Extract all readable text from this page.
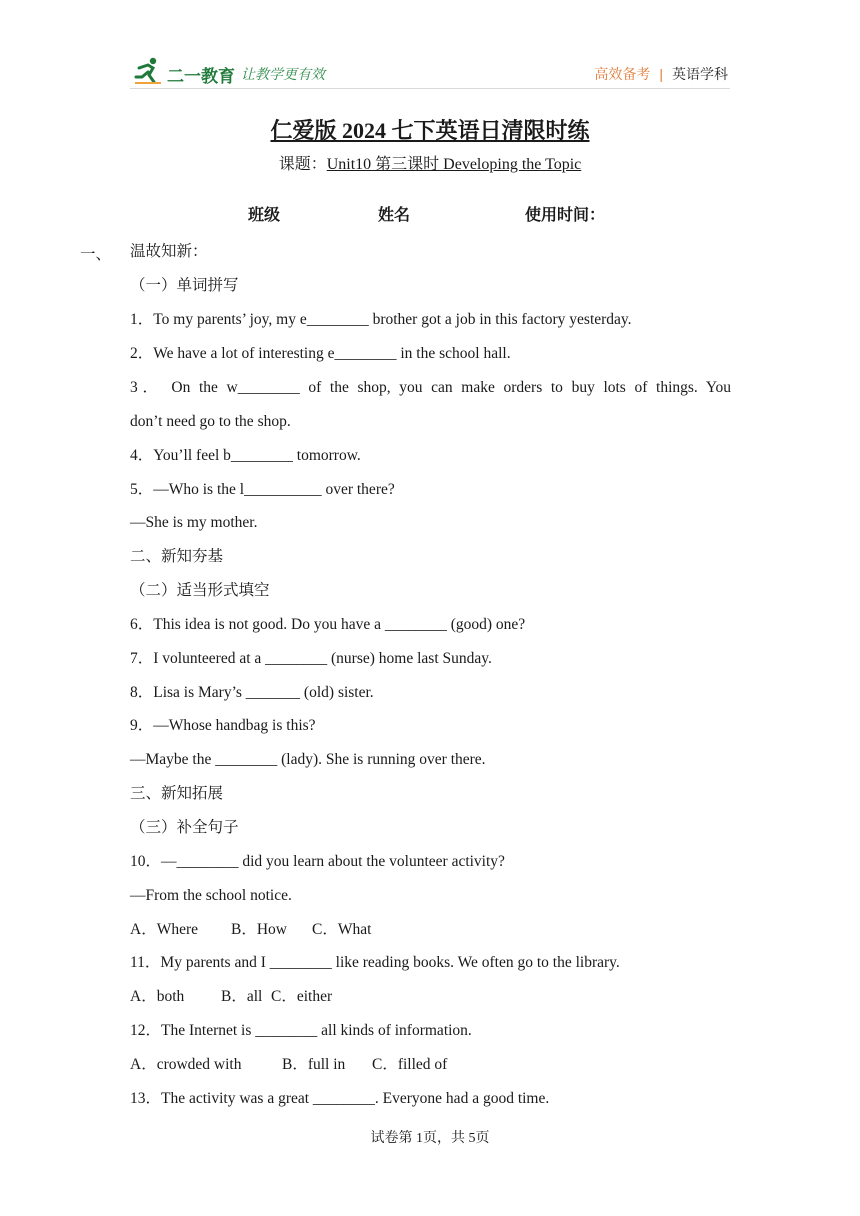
二一教育 让教学更有效	高效备考 | 英语学科
仁爱版 2024 七下英语日清限时练
课题：Unit10 第三课时 Developing the Topic
班级	姓名	使用时间：
一、 温故知新：
（一）单词拼写
1．To my parents’ joy, my e________ brother got a job in this factory yesterday.
2．We have a lot of interesting e________ in the school hall.
3． On the w________ of the shop, you can make orders to buy lots of things. You
don’t need go to the shop.
4．You’ll feel b________ tomorrow.
5．—Who is the l__________ over there?
—She is my mother.
二、新知夯基
（二）适当形式填空
6．This idea is not good. Do you have a ________ (good) one?
7．I volunteered at a ________ (nurse) home last Sunday.
8．Lisa is Mary’s _______ (old) sister.
9．—Whose handbag is this?
—Maybe the ________ (lady). She is running over there.
三、新知拓展
（三）补全句子
10．—________ did you learn about the volunteer activity?
—From the school notice.
A．Where B．How C．What
11．My parents and I ________ like reading books. We often go to the library.
A．both B．all C．either
12．The Internet is ________ all kinds of information.
A．crowded with	B．full in C．filled of
13．The activity was a great ________. Everyone had a good time.
试卷第 1页，共 5页
